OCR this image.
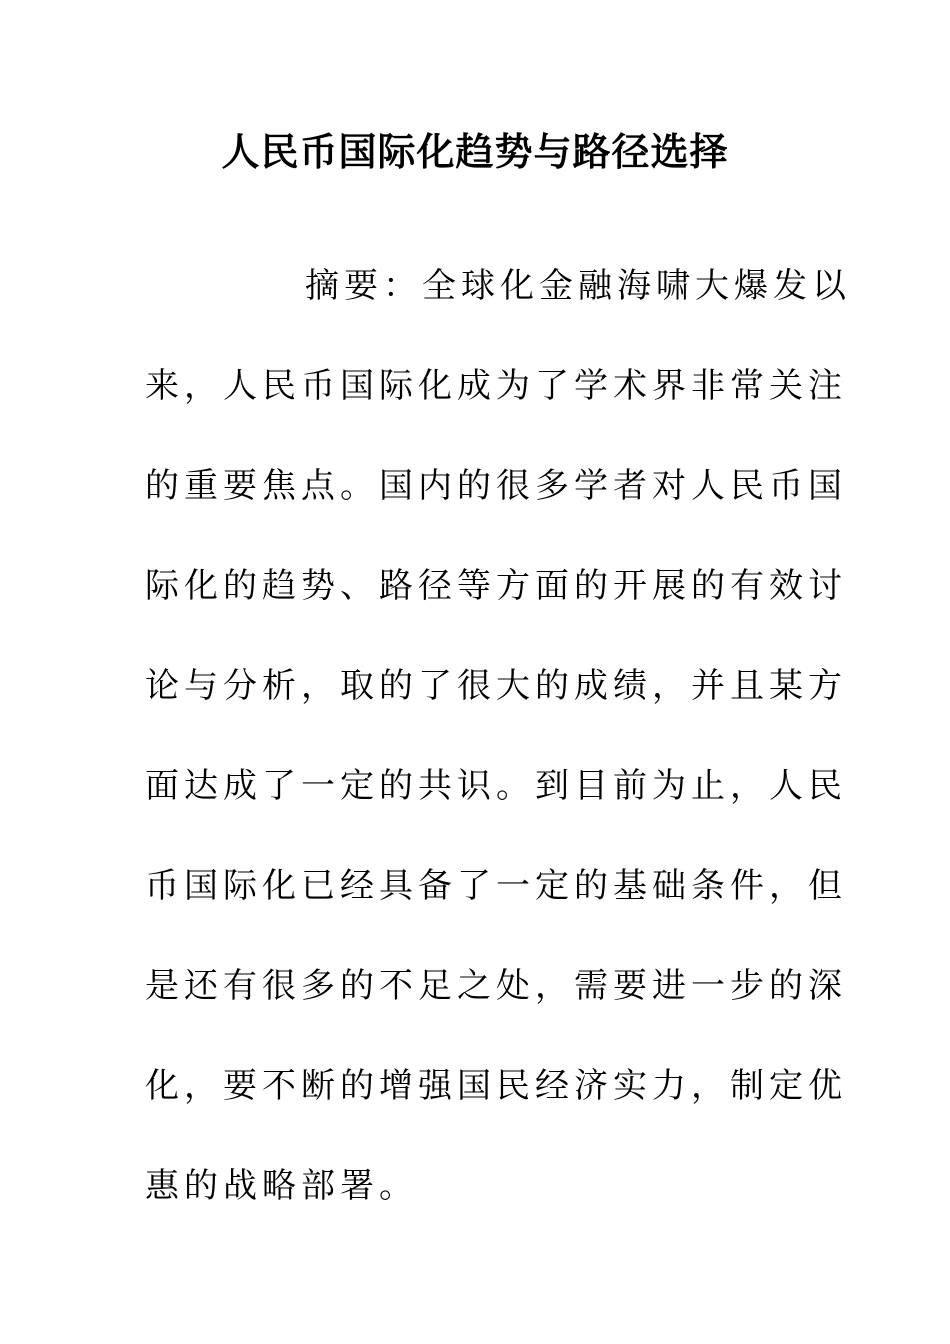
人民币国际化趋势与路径选择
摘要：全球化金融海啸大爆发以
来，人民币国际化成为了学术界非常关注
的重要焦点。国内的很多学者对人民币国
际化的趋势、路径等方面的开展的有效讨
论与分析，取的了很大的成绩，并且某方
面达成了一定的共识。到目前为止，人民
币国际化已经具备了一定的基础条件，但
是还有很多的不足之处，需要进一步的深
化，要不断的增强国民经济实力，制定优
惠的战略部署。
